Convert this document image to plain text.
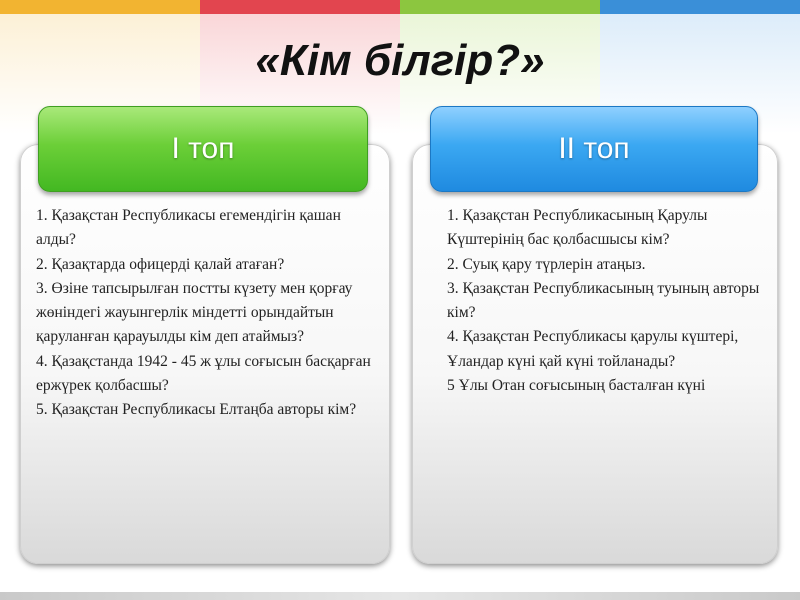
«Кім білгір?»
І топ	ІІ топ
1. Қазақстан Республикасы егемендігін қашан алды?
2. Қазақтарда офицерді қалай атаған?
3. Өзіне тапсырылған постты күзету мен қорғау жөніндегі жауынгерлік міндетті орындайтын қаруланған қарауылды кім деп атаймыз?
4. Қазақстанда 1942 - 45 ж ұлы соғысын басқарған ержүрек қолбасшы?
5. Қазақстан Республикасы Елтаңба авторы кім?
1. Қазақстан Республикасының Қарулы Күштерінің бас қолбасшысы кім?
2. Суық қару түрлерін атаңыз.
3. Қазақстан Республикасының туының авторы кім?
4. Қазақстан Республикасы қарулы күштері, Ұландар күні қай күні тойланады?
5 Ұлы Отан соғысының басталған күні
